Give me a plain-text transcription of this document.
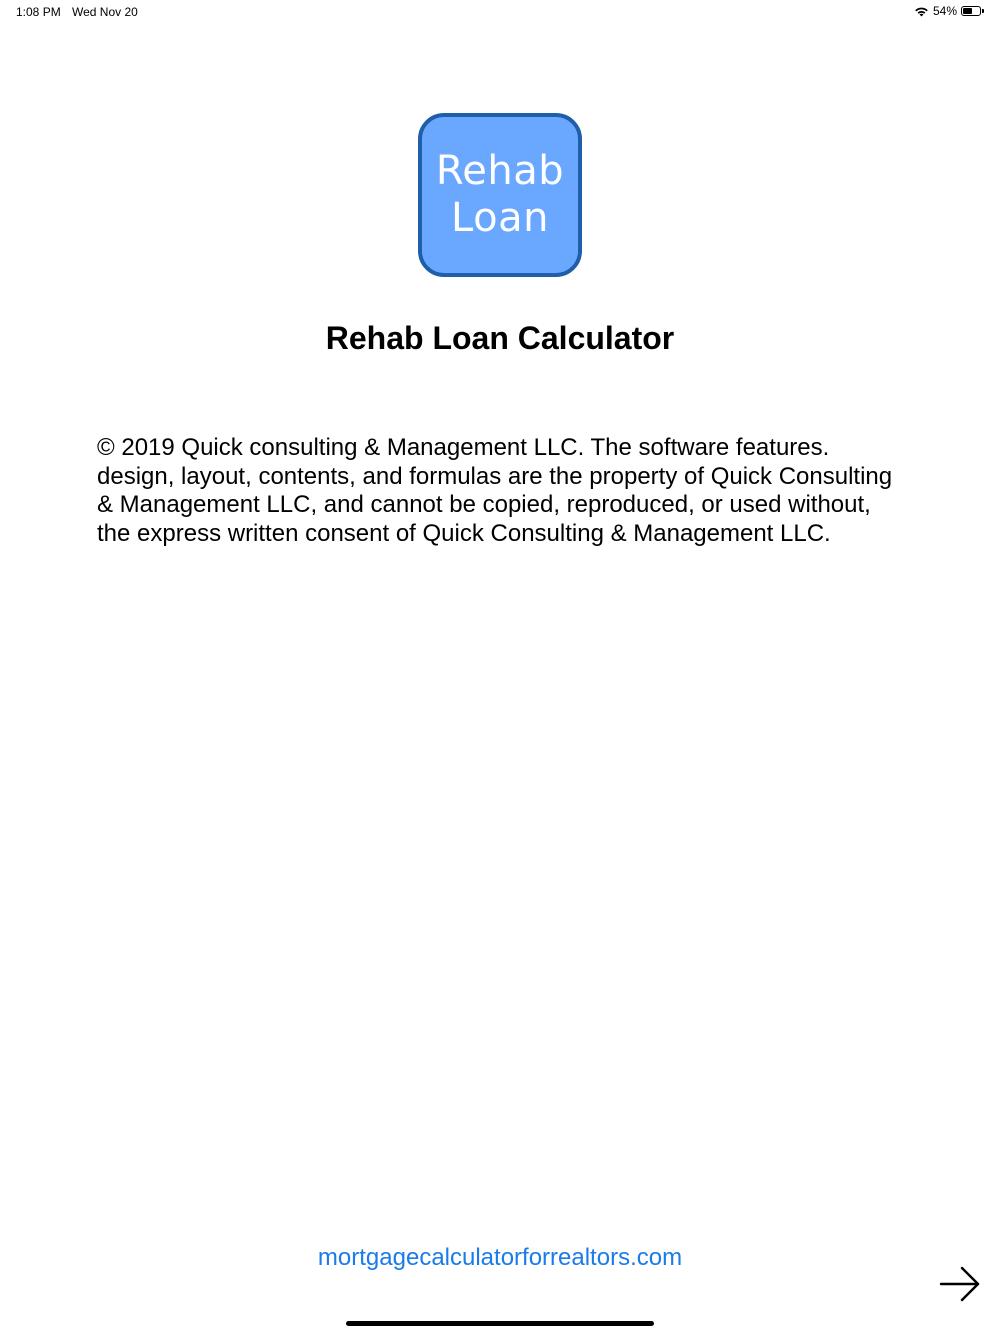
1:08 PM Wed Nov 20	54%
Rehab
Loan
Rehab Loan Calculator

© 2019 Quick consulting & Management LLC. The software features. design, layout, contents, and formulas are the property of Quick Consulting & Management LLC, and cannot be copied, reproduced, or used without, the express written consent of Quick Consulting & Management LLC.

mortgagecalculatorforrealtors.com
